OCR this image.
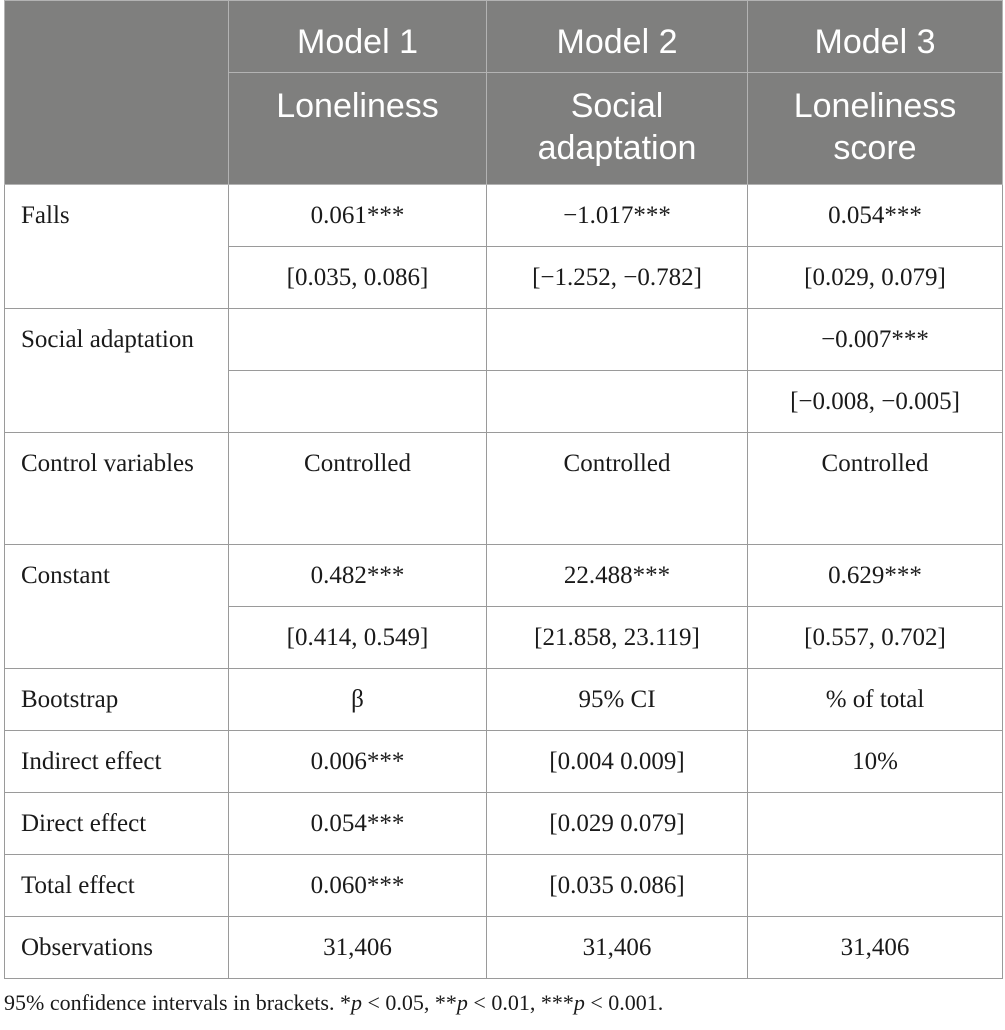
	Model 1	Model 2	Model 3
	Loneliness	Social adaptation	Loneliness score
Falls	0.061***	−1.017***	0.054***
	[0.035, 0.086]	[−1.252, −0.782]	[0.029, 0.079]
Social adaptation			−0.007***
			[−0.008, −0.005]
Control variables	Controlled	Controlled	Controlled
Constant	0.482***	22.488***	0.629***
	[0.414, 0.549]	[21.858, 23.119]	[0.557, 0.702]
Bootstrap	β	95% CI	% of total
Indirect effect	0.006***	[0.004 0.009]	10%
Direct effect	0.054***	[0.029 0.079]	
Total effect	0.060***	[0.035 0.086]	
Observations	31,406	31,406	31,406
95% confidence intervals in brackets. *p < 0.05, **p < 0.01, ***p < 0.001.
